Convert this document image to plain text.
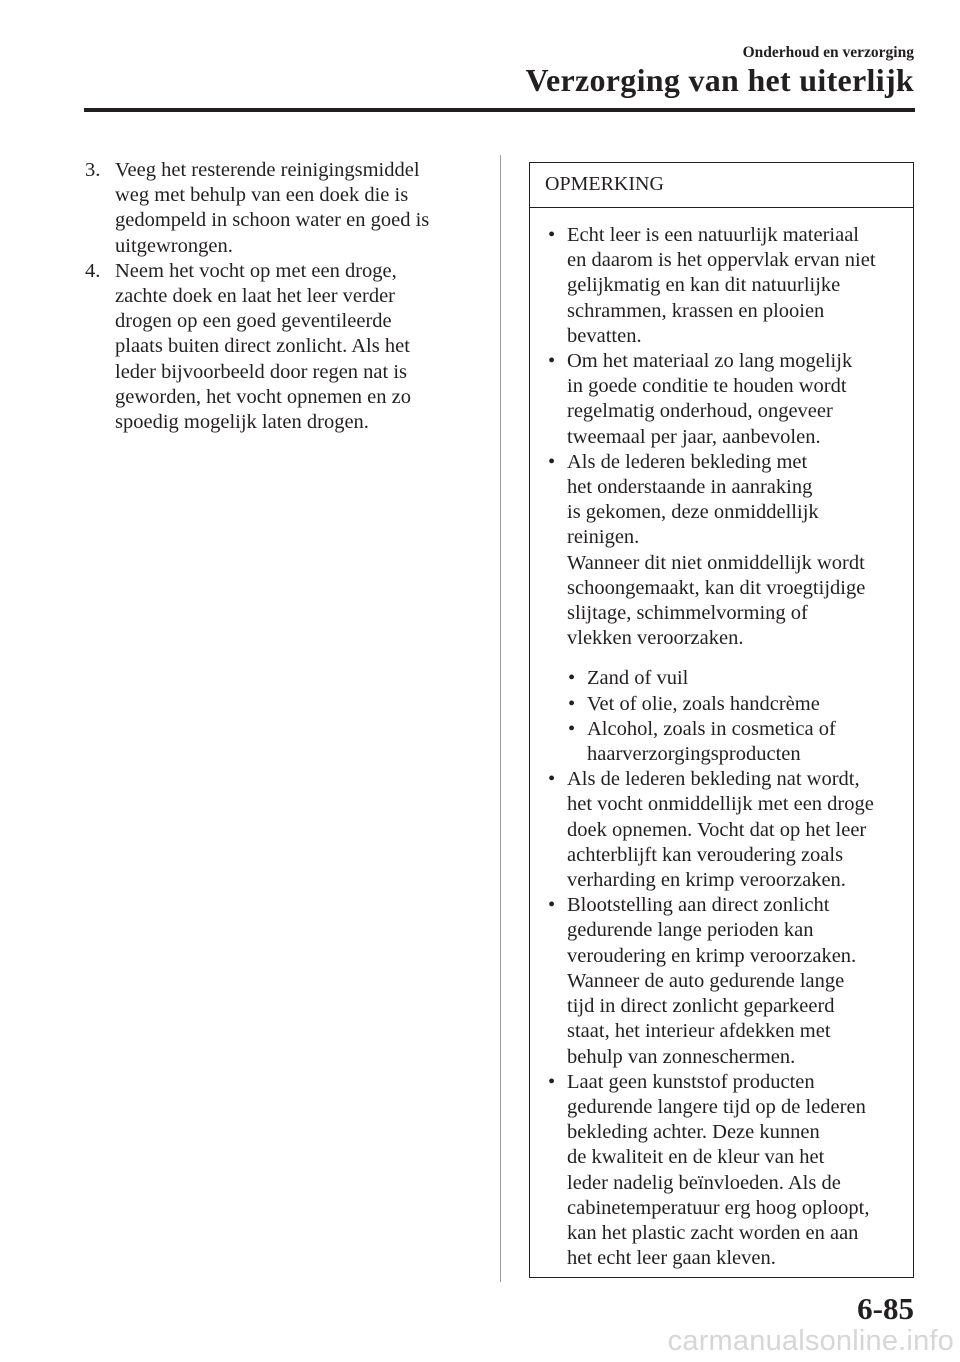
Onderhoud en verzorging
Verzorging van het uiterlijk
3. Veeg het resterende reinigingsmiddel
weg met behulp van een doek die is
gedompeld in schoon water en goed is
uitgewrongen.
4. Neem het vocht op met een droge,
zachte doek en laat het leer verder
drogen op een goed geventileerde
plaats buiten direct zonlicht. Als het
leder bijvoorbeeld door regen nat is
geworden, het vocht opnemen en zo
spoedig mogelijk laten drogen.
OPMERKING
• Echt leer is een natuurlijk materiaal
en daarom is het oppervlak ervan niet
gelijkmatig en kan dit natuurlijke
schrammen, krassen en plooien
bevatten.
• Om het materiaal zo lang mogelijk
in goede conditie te houden wordt
regelmatig onderhoud, ongeveer
tweemaal per jaar, aanbevolen.
• Als de lederen bekleding met
het onderstaande in aanraking
is gekomen, deze onmiddellijk
reinigen.
Wanneer dit niet onmiddellijk wordt
schoongemaakt, kan dit vroegtijdige
slijtage, schimmelvorming of
vlekken veroorzaken.
• Zand of vuil
• Vet of olie, zoals handcrème
• Alcohol, zoals in cosmetica of
haarverzorgingsproducten
• Als de lederen bekleding nat wordt,
het vocht onmiddellijk met een droge
doek opnemen. Vocht dat op het leer
achterblijft kan veroudering zoals
verharding en krimp veroorzaken.
• Blootstelling aan direct zonlicht
gedurende lange perioden kan
veroudering en krimp veroorzaken.
Wanneer de auto gedurende lange
tijd in direct zonlicht geparkeerd
staat, het interieur afdekken met
behulp van zonneschermen.
• Laat geen kunststof producten
gedurende langere tijd op de lederen
bekleding achter. Deze kunnen
de kwaliteit en de kleur van het
leder nadelig beïnvloeden. Als de
cabinetemperatuur erg hoog oploopt,
kan het plastic zacht worden en aan
het echt leer gaan kleven.
6-85
carmanualsonline.info
